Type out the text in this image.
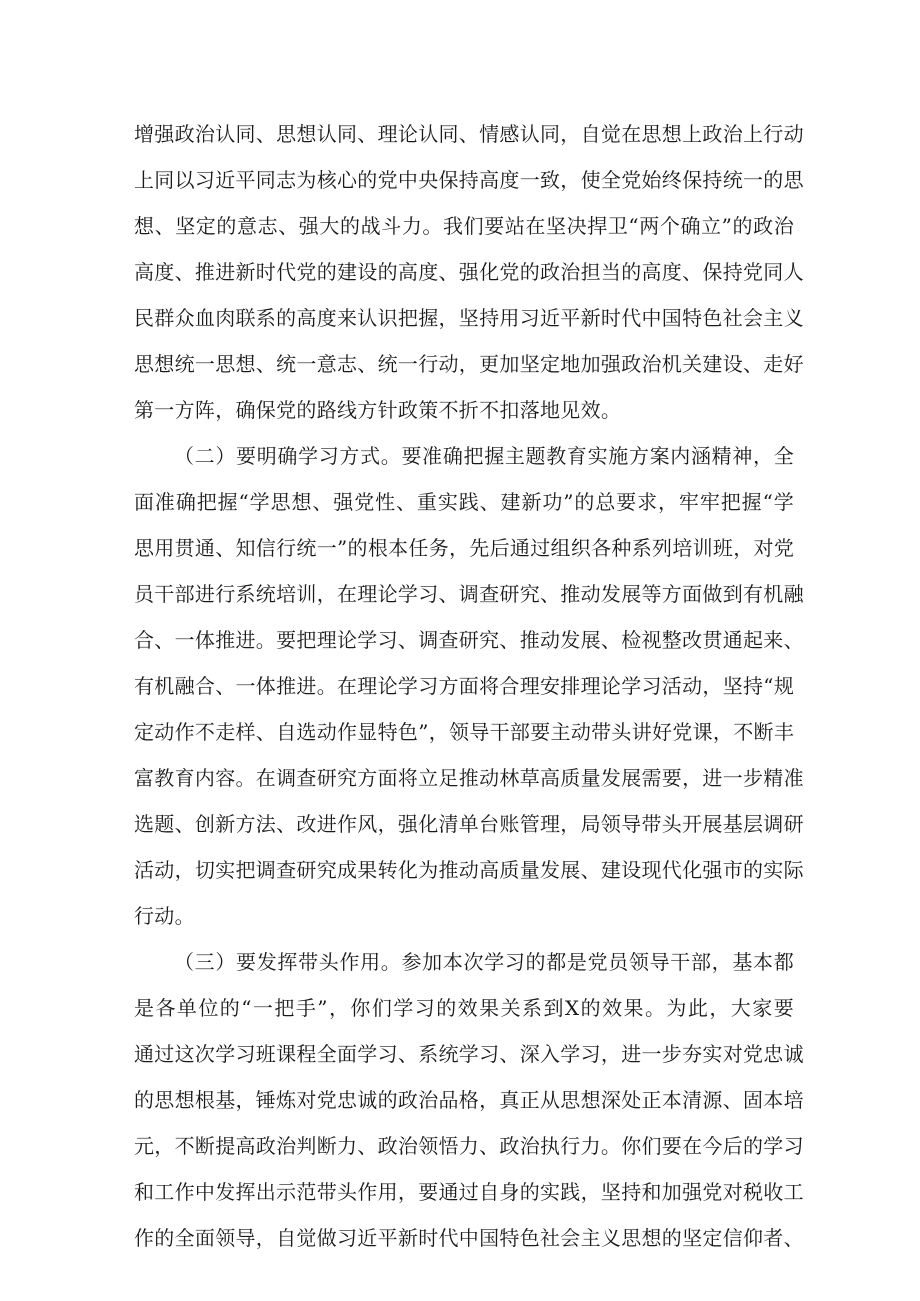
增强政治认同、思想认同、理论认同、情感认同，自觉在思想上政治上行动
上同以习近平同志为核心的党中央保持高度一致，使全党始终保持统一的思
想、坚定的意志、强大的战斗力。我们要站在坚决捍卫“两个确立”的政治
高度、推进新时代党的建设的高度、强化党的政治担当的高度、保持党同人
民群众血肉联系的高度来认识把握，坚持用习近平新时代中国特色社会主义
思想统一思想、统一意志、统一行动，更加坚定地加强政治机关建设、走好
第一方阵，确保党的路线方针政策不折不扣落地见效。
（二）要明确学习方式。要准确把握主题教育实施方案内涵精神，全
面准确把握“学思想、强党性、重实践、建新功”的总要求，牢牢把握“学
思用贯通、知信行统一”的根本任务，先后通过组织各种系列培训班，对党
员干部进行系统培训，在理论学习、调查研究、推动发展等方面做到有机融
合、一体推进。要把理论学习、调查研究、推动发展、检视整改贯通起来、
有机融合、一体推进。在理论学习方面将合理安排理论学习活动，坚持“规
定动作不走样、自选动作显特色”，领导干部要主动带头讲好党课，不断丰
富教育内容。在调查研究方面将立足推动林草高质量发展需要，进一步精准
选题、创新方法、改进作风，强化清单台账管理，局领导带头开展基层调研
活动，切实把调查研究成果转化为推动高质量发展、建设现代化强市的实际
行动。
（三）要发挥带头作用。参加本次学习的都是党员领导干部，基本都
是各单位的“一把手”，你们学习的效果关系到X的效果。为此，大家要
通过这次学习班课程全面学习、系统学习、深入学习，进一步夯实对党忠诚
的思想根基，锤炼对党忠诚的政治品格，真正从思想深处正本清源、固本培
元，不断提高政治判断力、政治领悟力、政治执行力。你们要在今后的学习
和工作中发挥出示范带头作用，要通过自身的实践，坚持和加强党对税收工
作的全面领导，自觉做习近平新时代中国特色社会主义思想的坚定信仰者、
